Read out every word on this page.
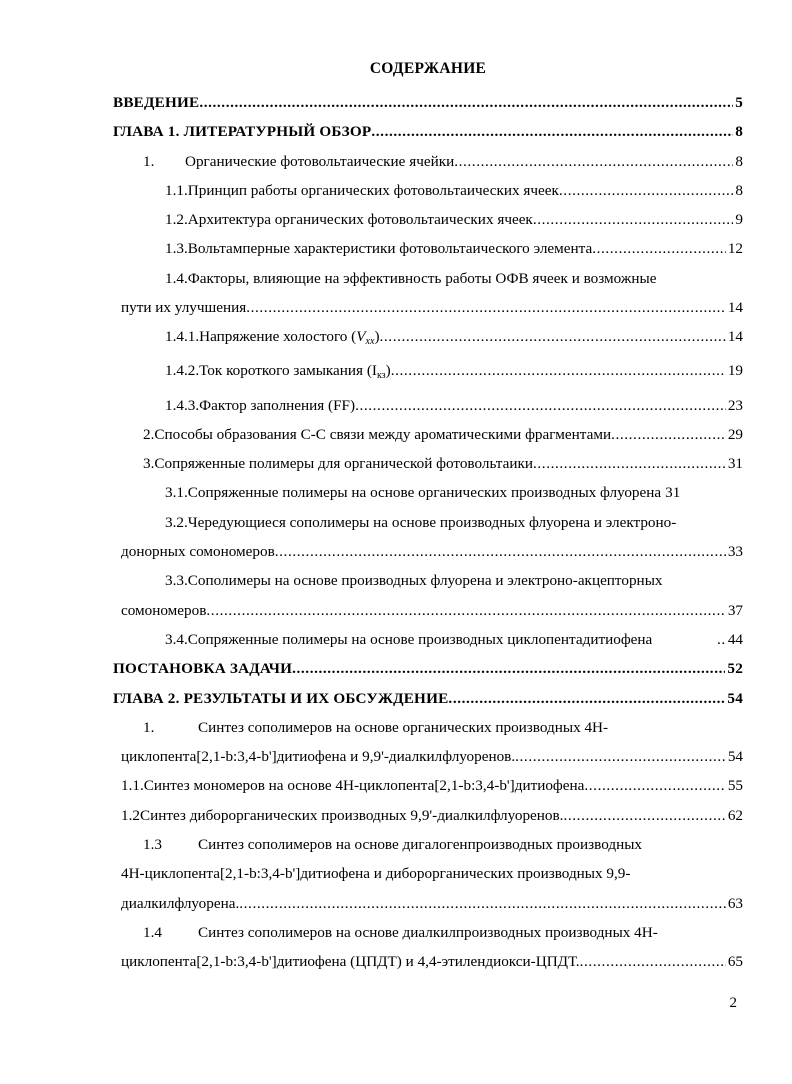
СОДЕРЖАНИЕ
ВВЕДЕНИЕ .....	5
ГЛАВА 1. ЛИТЕРАТУРНЫЙ ОБЗОР .....	8
1. Органические фотовольтаические ячейки .....	8
1.1.Принцип работы органических фотовольтаических ячеек .....	8
1.2.Архитектура органических фотовольтаических ячеек .....	9
1.3.Вольтамперные характеристики фотовольтаического элемента .....	12
1.4.Факторы, влияющие на эффективность работы ОФВ ячеек и возможные
пути их улучшения .....	14
1.4.1.Напряжение холостого $(V_{хх})$ .....	14
1.4.2.Ток короткого замыкания $(I_{кз})$ .....	19
1.4.3.Фактор заполнения (FF) .....	23
2.Способы образования С-С связи между ароматическими фрагментами .....	29
3.Сопряженные полимеры для органической фотовольтаики .....	31
3.1.Сопряженные полимеры на основе органических производных флуорена 31
3.2.Чередующиеся сополимеры на основе производных флуорена и электроно-
донорных сомономеров .....	33
3.3.Сополимеры на основе производных флуорена и электроно-акцепторных
сомономеров .....	37
3.4.Сопряженные полимеры на основе производных циклопентадитиофена ..	44
ПОСТАНОВКА ЗАДАЧИ .....	52
ГЛАВА 2. РЕЗУЛЬТАТЫ И ИХ ОБСУЖДЕНИЕ .....	54
1.	Синтез сополимеров на основе органических производных 4Н-
циклопента[2,1-b:3,4-b']дитиофена и 9,9'-диалкилфлуоренов. .....	54
1.1.Синтез мономеров на основе 4Н-циклопента[2,1-b:3,4-b']дитиофена .....	55
1.2Синтез диборорганических производных 9,9'-диалкилфлуоренов. .....	62
1.3 Синтез сополимеров на основе дигалогенпроизводных производных
4Н-циклопента[2,1-b:3,4-b']дитиофена и диборорганических производных 9,9-
диалкилфлуорена. .....	63
1.4 Синтез сополимеров на основе диалкилпроизводных производных 4Н-
циклопента[2,1-b:3,4-b']дитиофена (ЦПДТ) и 4,4-этилендиокси-ЦПДТ. .....	65
2
